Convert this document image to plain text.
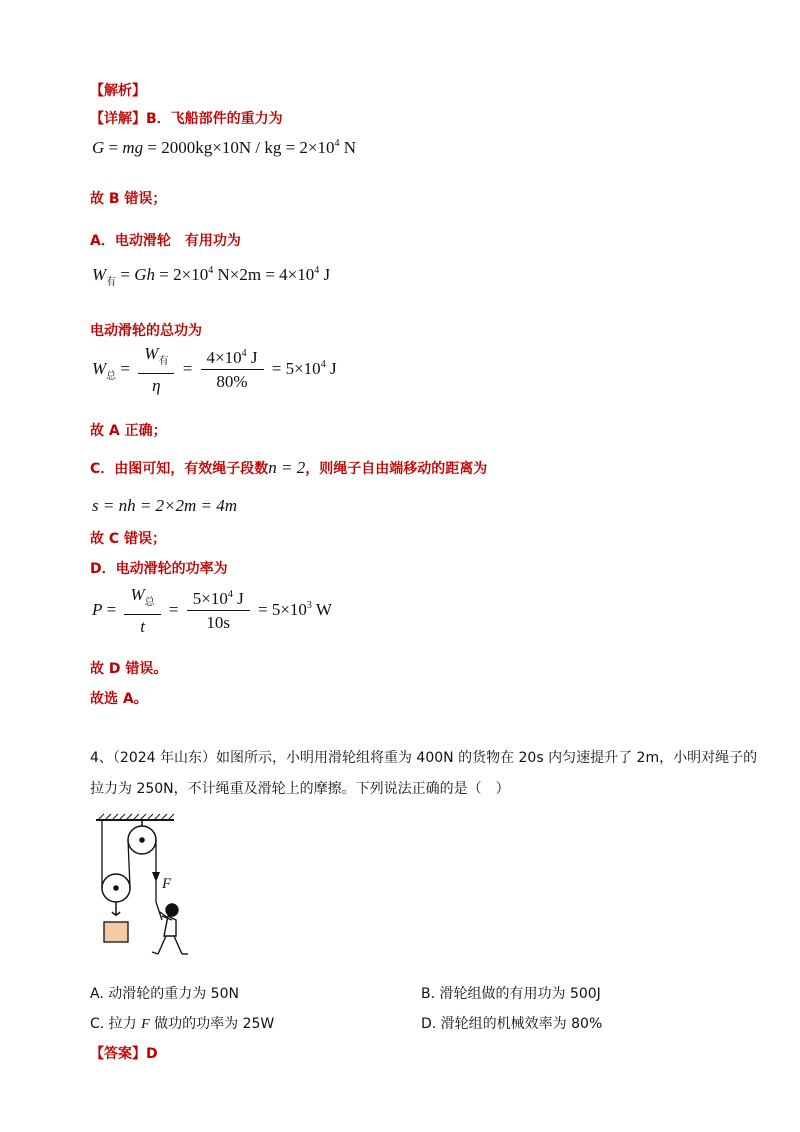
【解析】
【详解】B．飞船部件的重力为
G = mg = 2000kg×10N / kg = $2\times 10^4$ N
故 B 错误；
A．电动滑轮　有用功为
$W_有 = Gh = 2\times 10^4$ $N\times 2m = 4\times 10^4$ J
电动滑轮的总功为
$W_总 = \frac{W_有}{\eta} = \frac{4\times 10^4 J}{80\%} = 5\times 10^4$ J
故 A 正确；
C．由图可知，有效绳子段数n = 2，则绳子自由端移动的距离为
s = nh = 2×2m = 4m
故 C 错误；
D．电动滑轮的功率为
$P = \frac{W_总}{t} = \frac{5\times 10^4 J}{10s} = 5\times 10^3$ W
故 D 错误。
故选 A。
4、（2024 年山东）如图所示，小明用滑轮组将重为 400N 的货物在 20s 内匀速提升了 2m，小明对绳子的
拉力为 250N，不计绳重及滑轮上的摩擦。下列说法正确的是（　）
F
A. 动滑轮的重力为 50N	B. 滑轮组做的有用功为 500J
C. 拉力 F 做功的功率为 25W	D. 滑轮组的机械效率为 80%
【答案】D
